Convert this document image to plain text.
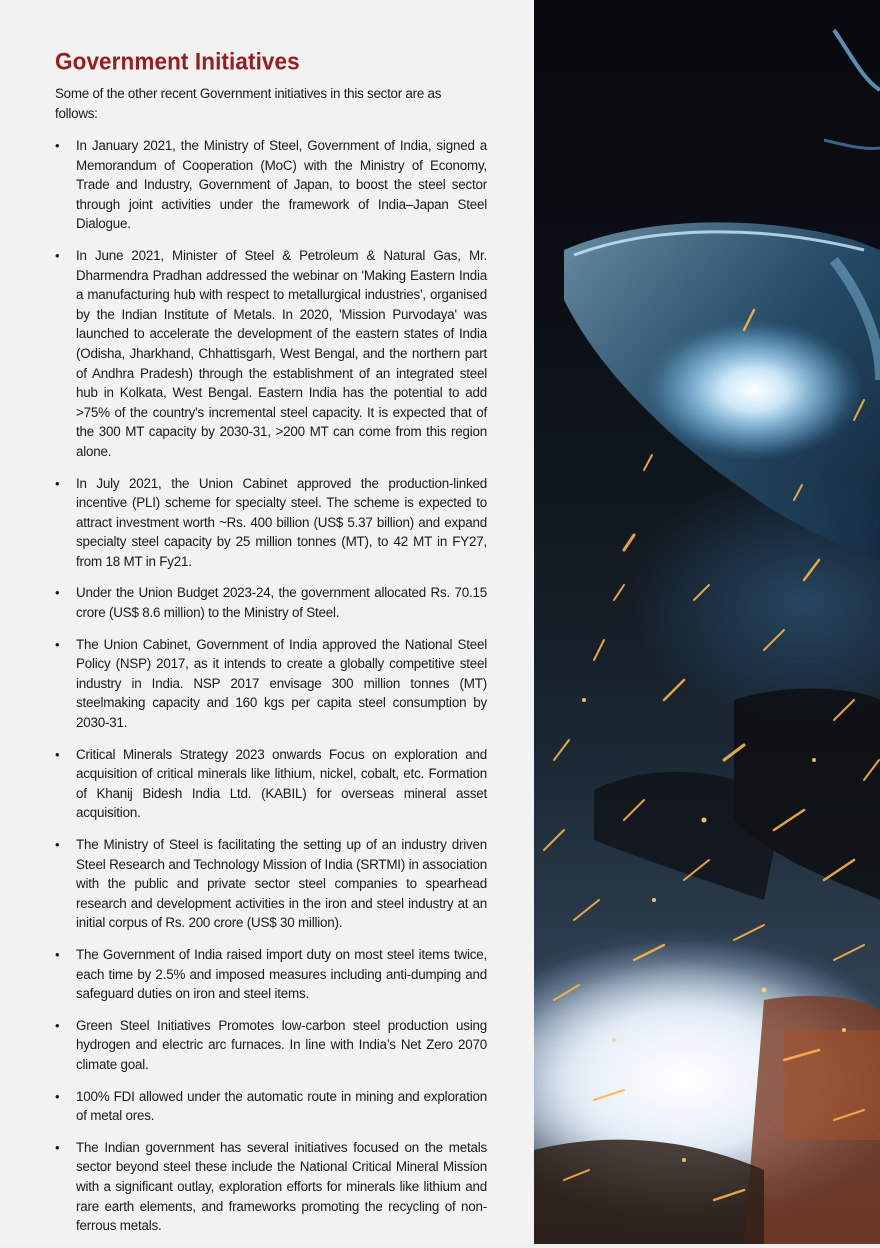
Government Initiatives

Some of the other recent Government initiatives in this sector are as follows:

• In January 2021, the Ministry of Steel, Government of India, signed a Memorandum of Cooperation (MoC) with the Ministry of Economy, Trade and Industry, Government of Japan, to boost the steel sector through joint activities under the framework of India–Japan Steel Dialogue.
• In June 2021, Minister of Steel & Petroleum & Natural Gas, Mr. Dharmendra Pradhan addressed the webinar on 'Making Eastern India a manufacturing hub with respect to metallurgical industries', organised by the Indian Institute of Metals. In 2020, 'Mission Purvodaya' was launched to accelerate the development of the eastern states of India (Odisha, Jharkhand, Chhattisgarh, West Bengal, and the northern part of Andhra Pradesh) through the establishment of an integrated steel hub in Kolkata, West Bengal. Eastern India has the potential to add >75% of the country's incremental steel capacity. It is expected that of the 300 MT capacity by 2030-31, >200 MT can come from this region alone.
• In July 2021, the Union Cabinet approved the production-linked incentive (PLI) scheme for specialty steel. The scheme is expected to attract investment worth ~Rs. 400 billion (US$ 5.37 billion) and expand specialty steel capacity by 25 million tonnes (MT), to 42 MT in FY27, from 18 MT in Fy21.
• Under the Union Budget 2023-24, the government allocated Rs. 70.15 crore (US$ 8.6 million) to the Ministry of Steel.
• The Union Cabinet, Government of India approved the National Steel Policy (NSP) 2017, as it intends to create a globally competitive steel industry in India. NSP 2017 envisage 300 million tonnes (MT) steelmaking capacity and 160 kgs per capita steel consumption by 2030-31.
• Critical Minerals Strategy 2023 onwards Focus on exploration and acquisition of critical minerals like lithium, nickel, cobalt, etc. Formation of Khanij Bidesh India Ltd. (KABIL) for overseas mineral asset acquisition.
• The Ministry of Steel is facilitating the setting up of an industry driven Steel Research and Technology Mission of India (SRTMI) in association with the public and private sector steel companies to spearhead research and development activities in the iron and steel industry at an initial corpus of Rs. 200 crore (US$ 30 million).
• The Government of India raised import duty on most steel items twice, each time by 2.5% and imposed measures including anti-dumping and safeguard duties on iron and steel items.
• Green Steel Initiatives Promotes low-carbon steel production using hydrogen and electric arc furnaces. In line with India’s Net Zero 2070 climate goal.
• 100% FDI allowed under the automatic route in mining and exploration of metal ores.
• The Indian government has several initiatives focused on the metals sector beyond steel these include the National Critical Mineral Mission with a significant outlay, exploration efforts for minerals like lithium and rare earth elements, and frameworks promoting the recycling of non-ferrous metals.
